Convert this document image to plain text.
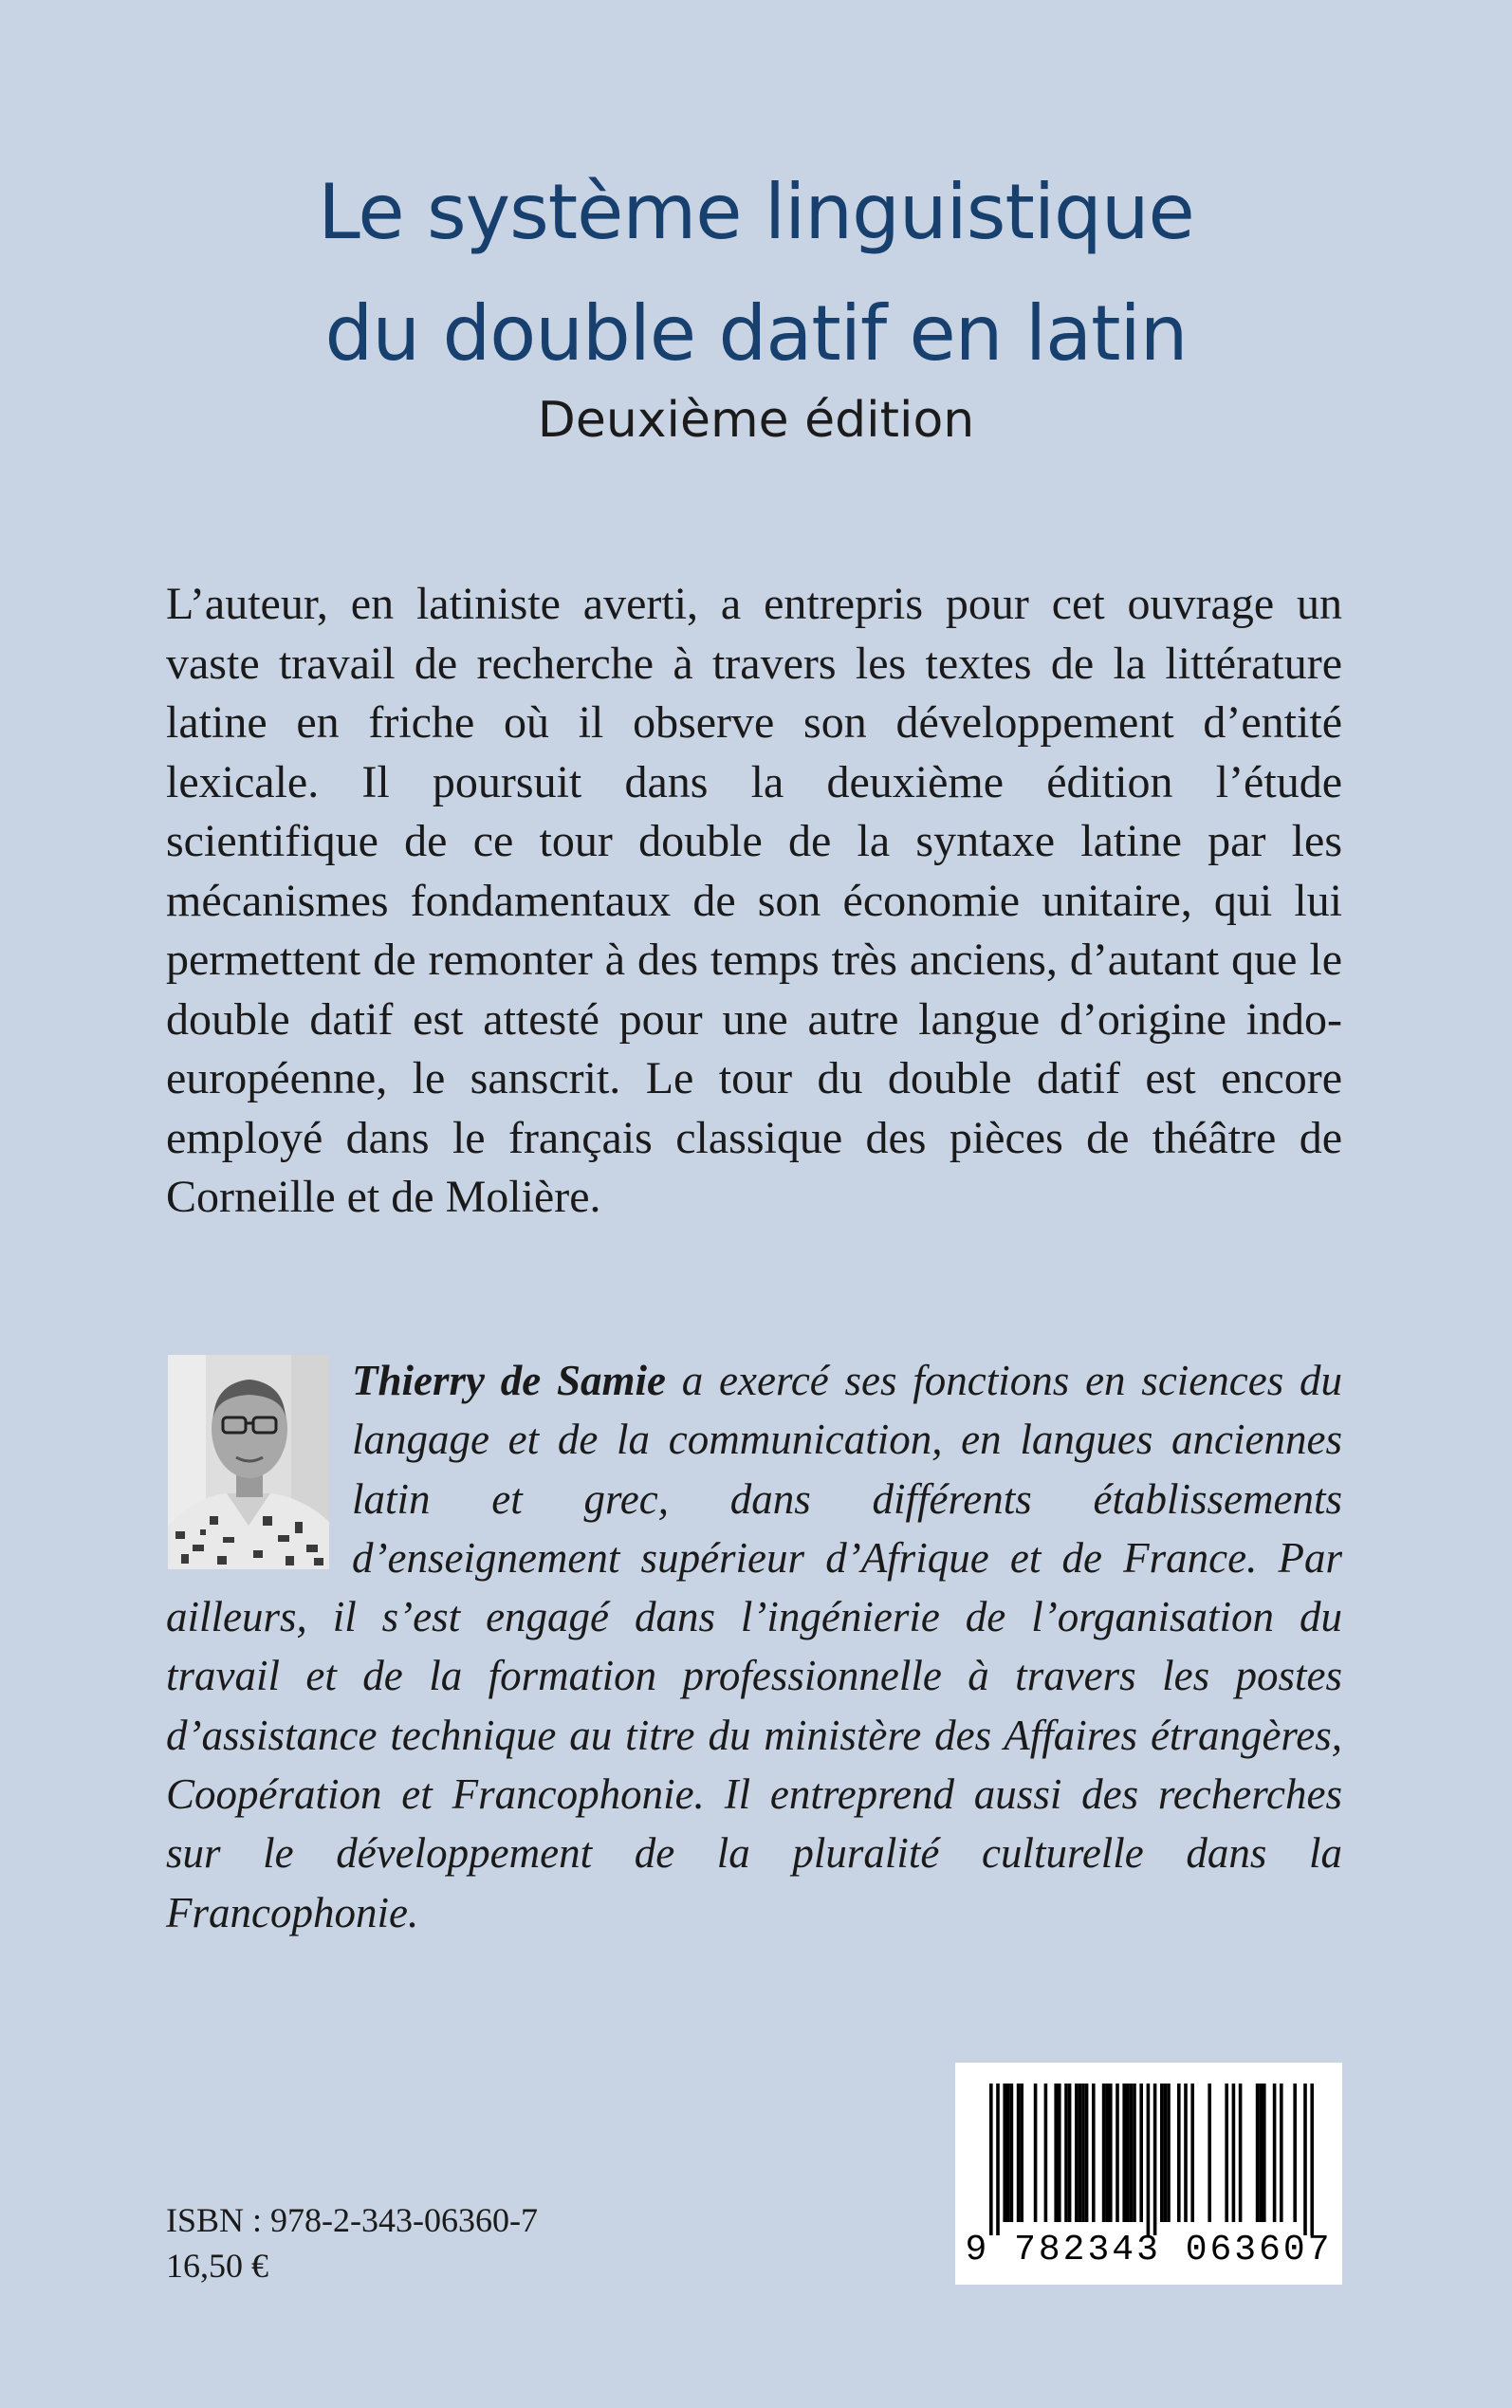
Le système linguistique
du double datif en latin
Deuxième édition

L’auteur, en latiniste averti, a entrepris pour cet ouvrage un vaste travail de recherche à travers les textes de la littérature latine en friche où il observe son développement d’entité lexicale. Il poursuit dans la deuxième édition l’étude scientifique de ce tour double de la syntaxe latine par les mécanismes fondamentaux de son économie unitaire, qui lui permettent de remonter à des temps très anciens, d’autant que le double datif est attesté pour une autre langue d’origine indo-européenne, le sanscrit. Le tour du double datif est encore employé dans le français classique des pièces de théâtre de Corneille et de Molière.

Thierry de Samie a exercé ses fonctions en sciences du langage et de la communication, en langues anciennes latin et grec, dans différents établissements d’enseignement supérieur d’Afrique et de France. Par ailleurs, il s’est engagé dans l’ingénierie de l’organisation du travail et de la formation professionnelle à travers les postes d’assistance technique au titre du ministère des Affaires étrangères, Coopération et Francophonie. Il entreprend aussi des recherches sur le développement de la pluralité culturelle dans la Francophonie.

ISBN : 978-2-343-06360-7
16,50 €	9 782343 063607
